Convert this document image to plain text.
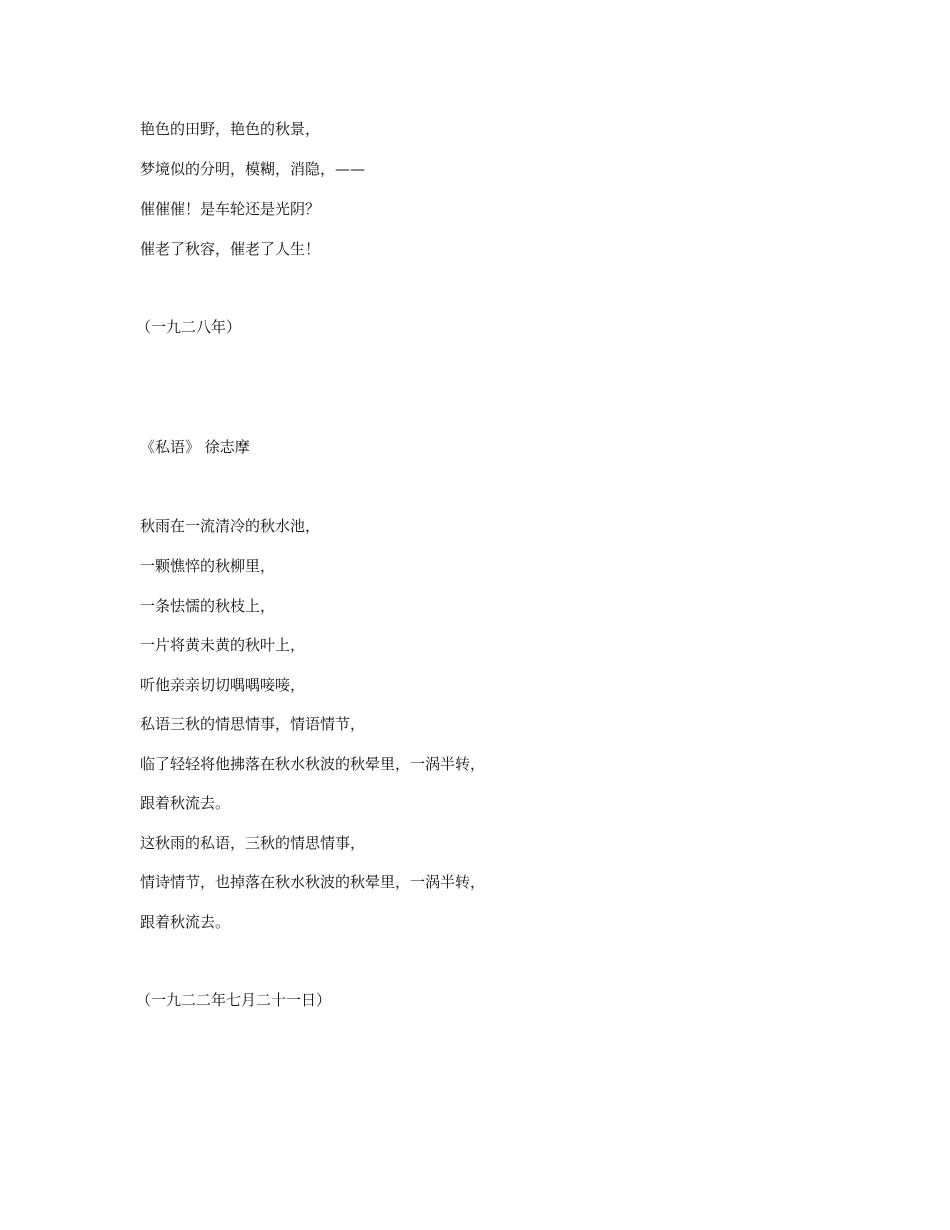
艳色的田野，艳色的秋景，
梦境似的分明，模糊，消隐，——
催催催！是车轮还是光阴？
催老了秋容，催老了人生！
（一九二八年）
《私语》 徐志摩
秋雨在一流清冷的秋水池，
一颗憔悴的秋柳里，
一条怯懦的秋枝上，
一片将黄未黄的秋叶上，
听他亲亲切切喁喁唼唼，
私语三秋的情思情事，情语情节，
临了轻轻将他拂落在秋水秋波的秋晕里，一涡半转，
跟着秋流去。
这秋雨的私语，三秋的情思情事，
情诗情节，也掉落在秋水秋波的秋晕里，一涡半转，
跟着秋流去。
（一九二二年七月二十一日）
